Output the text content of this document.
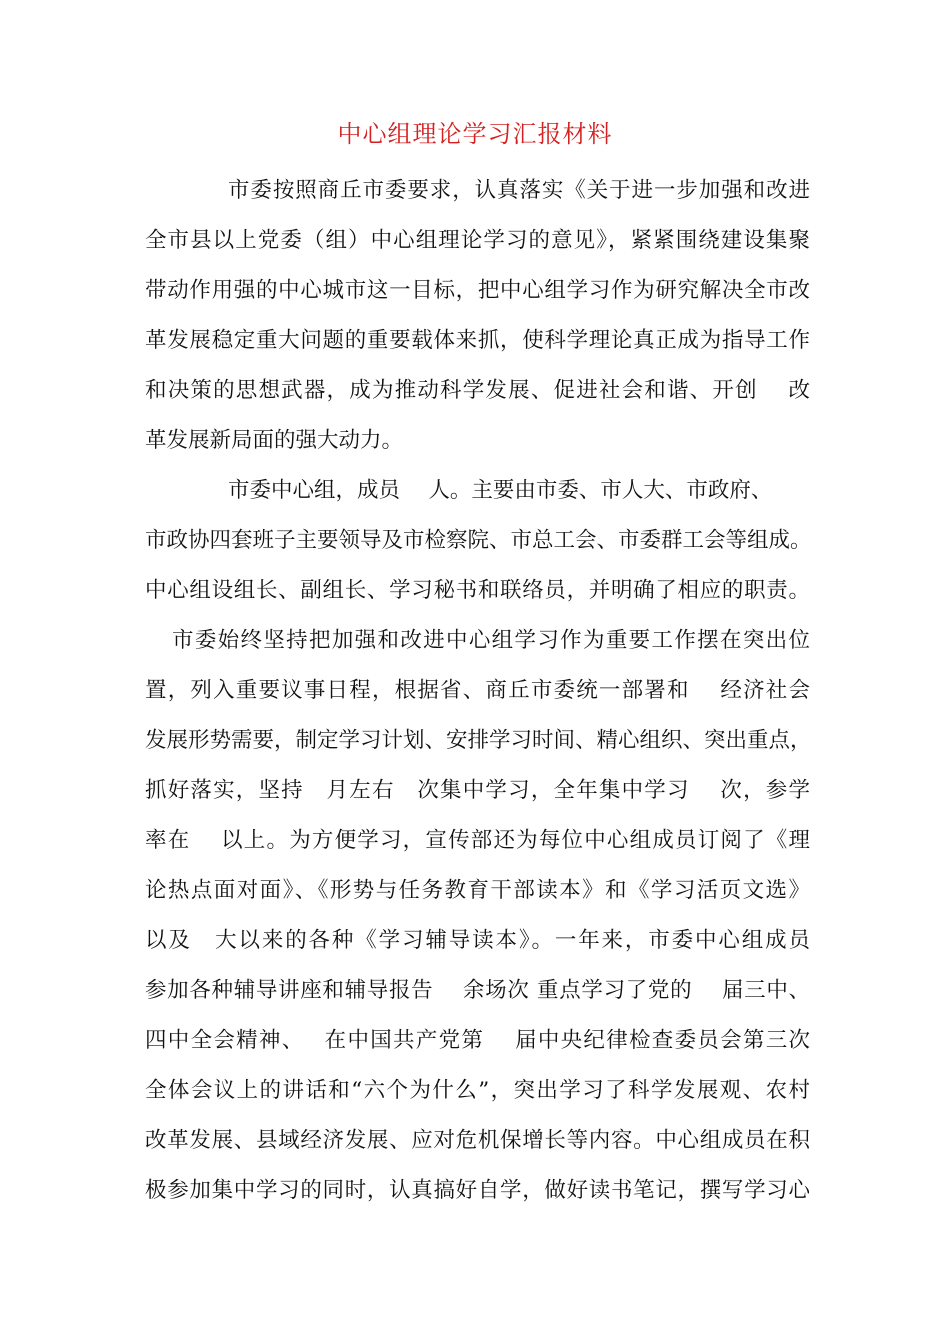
中心组理论学习汇报材料
市委按照商丘市委要求，认真落实《关于进一步加强和改进
全市县以上党委（组）中心组理论学习的意见》，紧紧围绕建设集聚
带动作用强的中心城市这一目标，把中心组学习作为研究解决全市改
革发展稳定重大问题的重要载体来抓，使科学理论真正成为指导工作
和决策的思想武器，成为推动科学发展、促进社会和谐、开创　 改
革发展新局面的强大动力。
市委中心组，成员　 人。主要由市委、市人大、市政府、
市政协四套班子主要领导及市检察院、市总工会、市委群工会等组成。
中心组设组长、副组长、学习秘书和联络员，并明确了相应的职责。
市委始终坚持把加强和改进中心组学习作为重要工作摆在突出位
置，列入重要议事日程，根据省、商丘市委统一部署和　 经济社会
发展形势需要，制定学习计划、安排学习时间、精心组织、突出重点，
抓好落实，坚持　月左右　次集中学习，全年集中学习　 次，参学
率在　 以上。为方便学习，宣传部还为每位中心组成员订阅了《理
论热点面对面》、《形势与任务教育干部读本》和《学习活页文选》
以及　大以来的各种《学习辅导读本》。一年来，市委中心组成员
参加各种辅导讲座和辅导报告　 余场次 重点学习了党的　 届三中、
四中全会精神、　 在中国共产党第　 届中央纪律检查委员会第三次
全体会议上的讲话和“六个为什么”，突出学习了科学发展观、农村
改革发展、县域经济发展、应对危机保增长等内容。中心组成员在积
极参加集中学习的同时，认真搞好自学，做好读书笔记，撰写学习心
